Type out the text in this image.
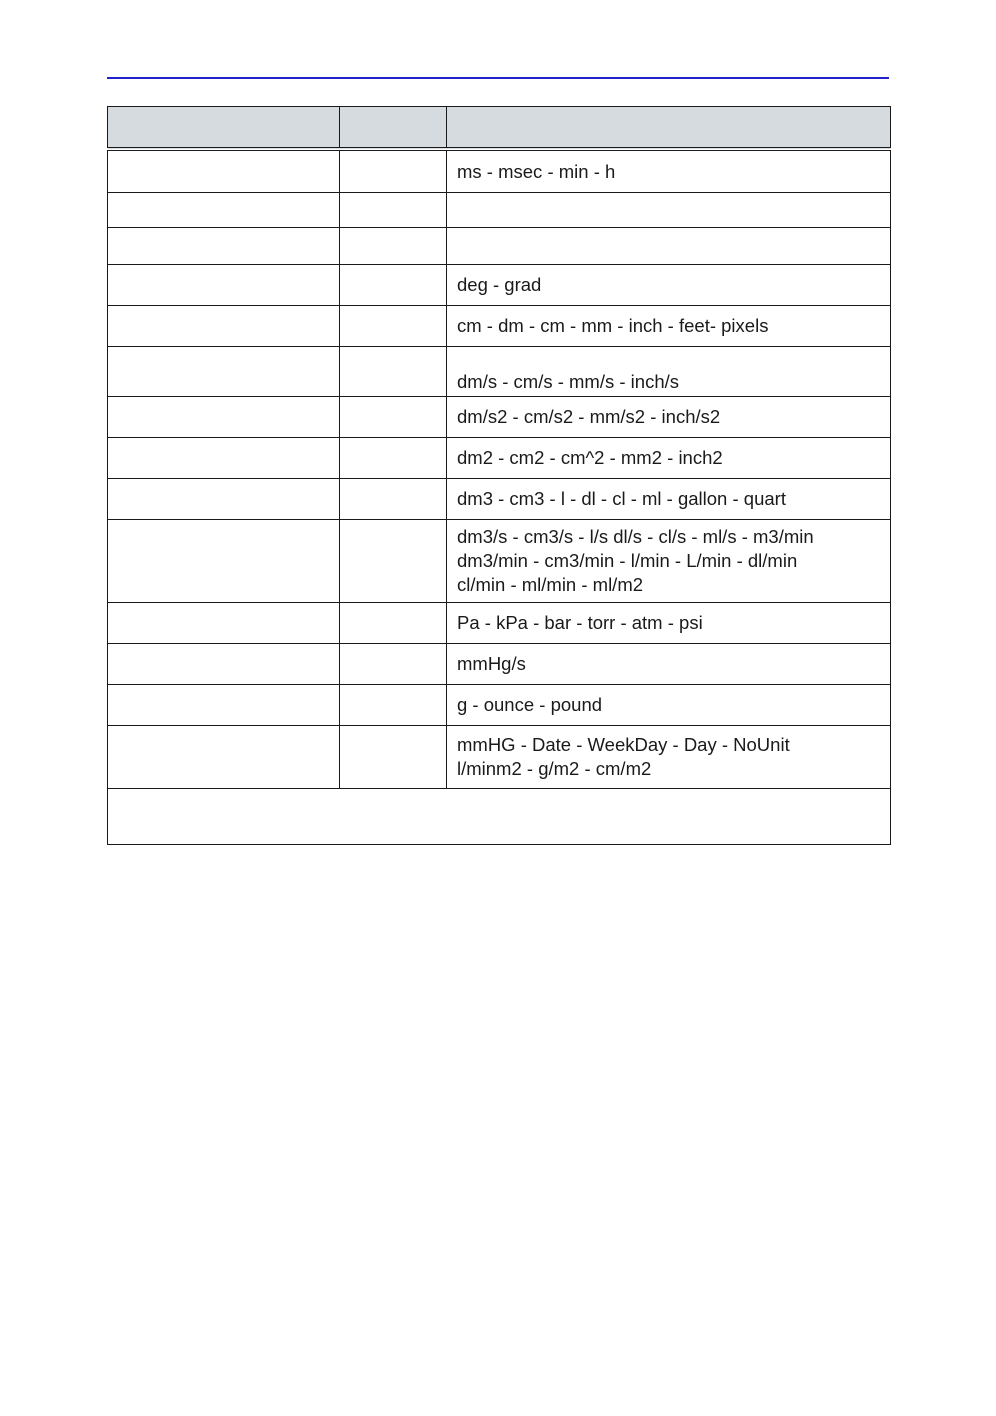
		ms - msec - min - h

		deg - grad

		cm - dm - cm - mm - inch - feet- pixels

		dm/s - cm/s - mm/s - inch/s

		dm/s2 - cm/s2 - mm/s2 - inch/s2

		dm2 - cm2 - cm^2 - mm2 - inch2

		dm3 - cm3 - l - dl - cl - ml - gallon - quart

		dm3/s - cm3/s - l/s dl/s - cl/s - ml/s - m3/min
dm3/min - cm3/min - l/min - L/min - dl/min
cl/min - ml/min - ml/m2

		Pa - kPa - bar - torr - atm - psi

		mmHg/s

		g - ounce - pound

		mmHG - Date - WeekDay - Day - NoUnit
l/minm2 - g/m2 - cm/m2
